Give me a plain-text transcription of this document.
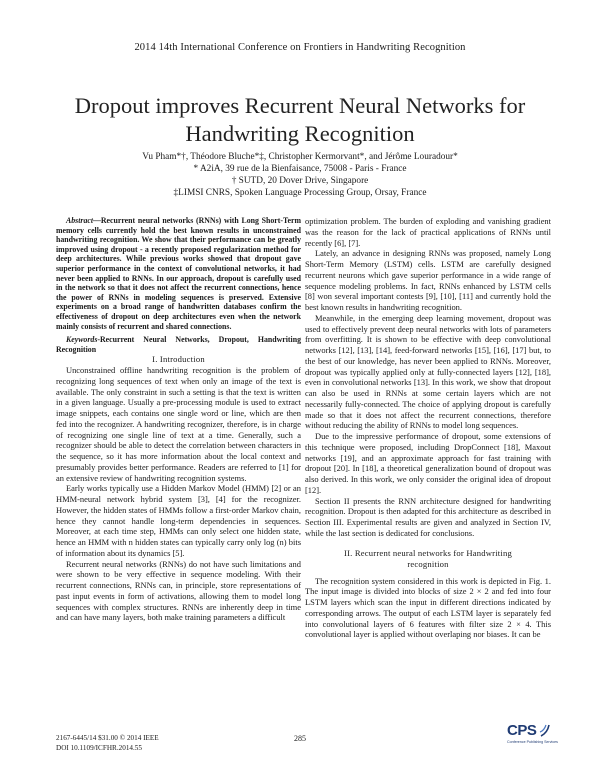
2014 14th International Conference on Frontiers in Handwriting Recognition
Dropout improves Recurrent Neural Networks for
Handwriting Recognition
Vu Pham*†, Théodore Bluche*‡, Christopher Kermorvant*, and Jérôme Louradour*
* A2iA, 39 rue de la Bienfaisance, 75008 - Paris - France
† SUTD, 20 Dover Drive, Singapore
‡LIMSI CNRS, Spoken Language Processing Group, Orsay, France

Abstract—Recurrent neural networks (RNNs) with Long Short-Term memory cells currently hold the best known results in unconstrained handwriting recognition. We show that their performance can be greatly improved using dropout - a recently proposed regularization method for deep architectures. While previous works showed that dropout gave superior performance in the context of convolutional networks, it had never been applied to RNNs. In our approach, dropout is carefully used in the network so that it does not affect the recurrent connections, hence the power of RNNs in modeling sequences is preserved. Extensive experiments on a broad range of handwritten databases confirm the effectiveness of dropout on deep architectures even when the network mainly consists of recurrent and shared connections.

Keywords-Recurrent Neural Networks, Dropout, Handwriting Recognition

I. Introduction

Unconstrained offline handwriting recognition is the problem of recognizing long sequences of text when only an image of the text is available. The only constraint in such a setting is that the text is written in a given language. Usually a pre-processing module is used to extract image snippets, each contains one single word or line, which are then fed into the recognizer. A handwriting recognizer, therefore, is in charge of recognizing one single line of text at a time. Generally, such a recognizer should be able to detect the correlation between characters in the sequence, so it has more information about the local context and presumably provides better performance. Readers are referred to [1] for an extensive review of handwriting recognition systems.

Early works typically use a Hidden Markov Model (HMM) [2] or an HMM-neural network hybrid system [3], [4] for the recognizer. However, the hidden states of HMMs follow a first-order Markov chain, hence they cannot handle long-term dependencies in sequences. Moreover, at each time step, HMMs can only select one hidden state, hence an HMM with n hidden states can typically carry only log (n) bits of information about its dynamics [5].

Recurrent neural networks (RNNs) do not have such limitations and were shown to be very effective in sequence modeling. With their recurrent connections, RNNs can, in principle, store representations of past input events in form of activations, allowing them to model long sequences with complex structures. RNNs are inherently deep in time and can have many layers, both make training parameters a difficult

optimization problem. The burden of exploding and vanishing gradient was the reason for the lack of practical applications of RNNs until recently [6], [7].

Lately, an advance in designing RNNs was proposed, namely Long Short-Term Memory (LSTM) cells. LSTM are carefully designed recurrent neurons which gave superior performance in a wide range of sequence modeling problems. In fact, RNNs enhanced by LSTM cells [8] won several important contests [9], [10], [11] and currently hold the best known results in handwriting recognition.

Meanwhile, in the emerging deep learning movement, dropout was used to effectively prevent deep neural networks with lots of parameters from overfitting. It is shown to be effective with deep convolutional networks [12], [13], [14], feed-forward networks [15], [16], [17] but, to the best of our knowledge, has never been applied to RNNs. Moreover, dropout was typically applied only at fully-connected layers [12], [18], even in convolutional networks [13]. In this work, we show that dropout can also be used in RNNs at some certain layers which are not necessarily fully-connected. The choice of applying dropout is carefully made so that it does not affect the recurrent connections, therefore without reducing the ability of RNNs to model long sequences.

Due to the impressive performance of dropout, some extensions of this technique were proposed, including DropConnect [18], Maxout networks [19], and an approximate approach for fast training with dropout [20]. In [18], a theoretical generalization bound of dropout was also derived. In this work, we only consider the original idea of dropout [12].

Section II presents the RNN architecture designed for handwriting recognition. Dropout is then adapted for this architecture as described in Section III. Experimental results are given and analyzed in Section IV, while the last section is dedicated for conclusions.

II. Recurrent neural networks for Handwriting
recognition

The recognition system considered in this work is depicted in Fig. 1. The input image is divided into blocks of size 2 × 2 and fed into four LSTM layers which scan the input in different directions indicated by corresponding arrows. The output of each LSTM layer is separately fed into convolutional layers of 6 features with filter size 2 × 4. This convolutional layer is applied without overlaping nor biases. It can be

2167-6445/14 $31.00 © 2014 IEEE
DOI 10.1109/ICFHR.2014.55
285	CPS
Conference Publishing Services
